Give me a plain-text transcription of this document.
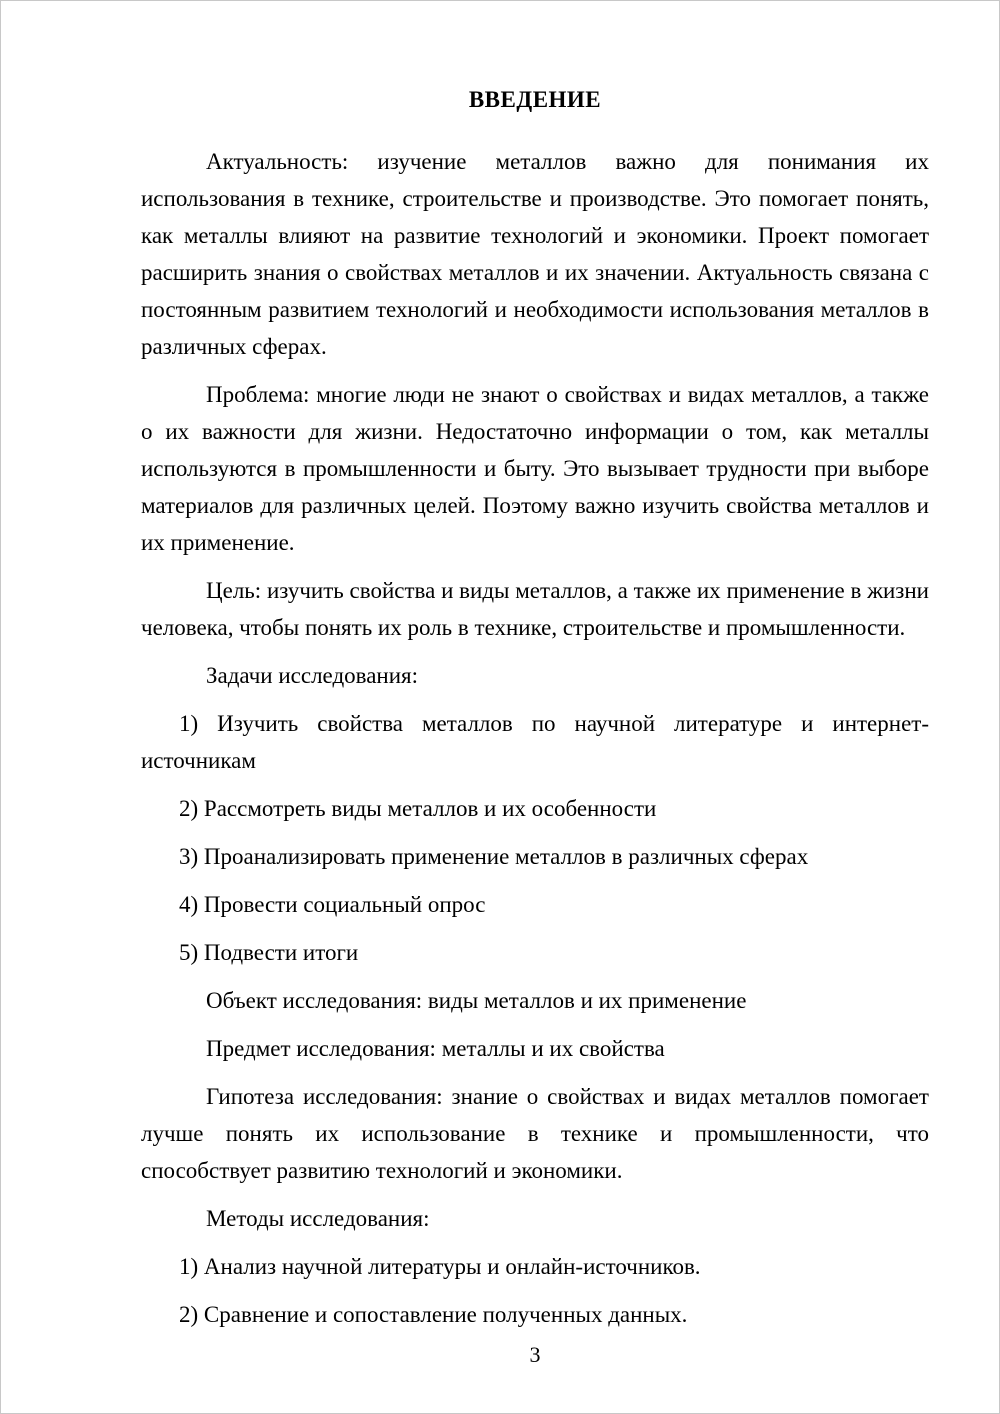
ВВЕДЕНИЕ

Актуальность: изучение металлов важно для понимания их использования в технике, строительстве и производстве. Это помогает понять, как металлы влияют на развитие технологий и экономики. Проект помогает расширить знания о свойствах металлов и их значении. Актуальность связана с постоянным развитием технологий и необходимости использования металлов в различных сферах.

Проблема: многие люди не знают о свойствах и видах металлов, а также о их важности для жизни. Недостаточно информации о том, как металлы используются в промышленности и быту. Это вызывает трудности при выборе материалов для различных целей. Поэтому важно изучить свойства металлов и их применение.

Цель: изучить свойства и виды металлов, а также их применение в жизни человека, чтобы понять их роль в технике, строительстве и промышленности.

Задачи исследования:

1) Изучить свойства металлов по научной литературе и интернет-источникам

2) Рассмотреть виды металлов и их особенности

3) Проанализировать применение металлов в различных сферах

4) Провести социальный опрос

5) Подвести итоги

Объект исследования: виды металлов и их применение

Предмет исследования: металлы и их свойства

Гипотеза исследования: знание о свойствах и видах металлов помогает лучше понять их использование в технике и промышленности, что способствует развитию технологий и экономики.

Методы исследования:

1) Анализ научной литературы и онлайн-источников.

2) Сравнение и сопоставление полученных данных.

3
